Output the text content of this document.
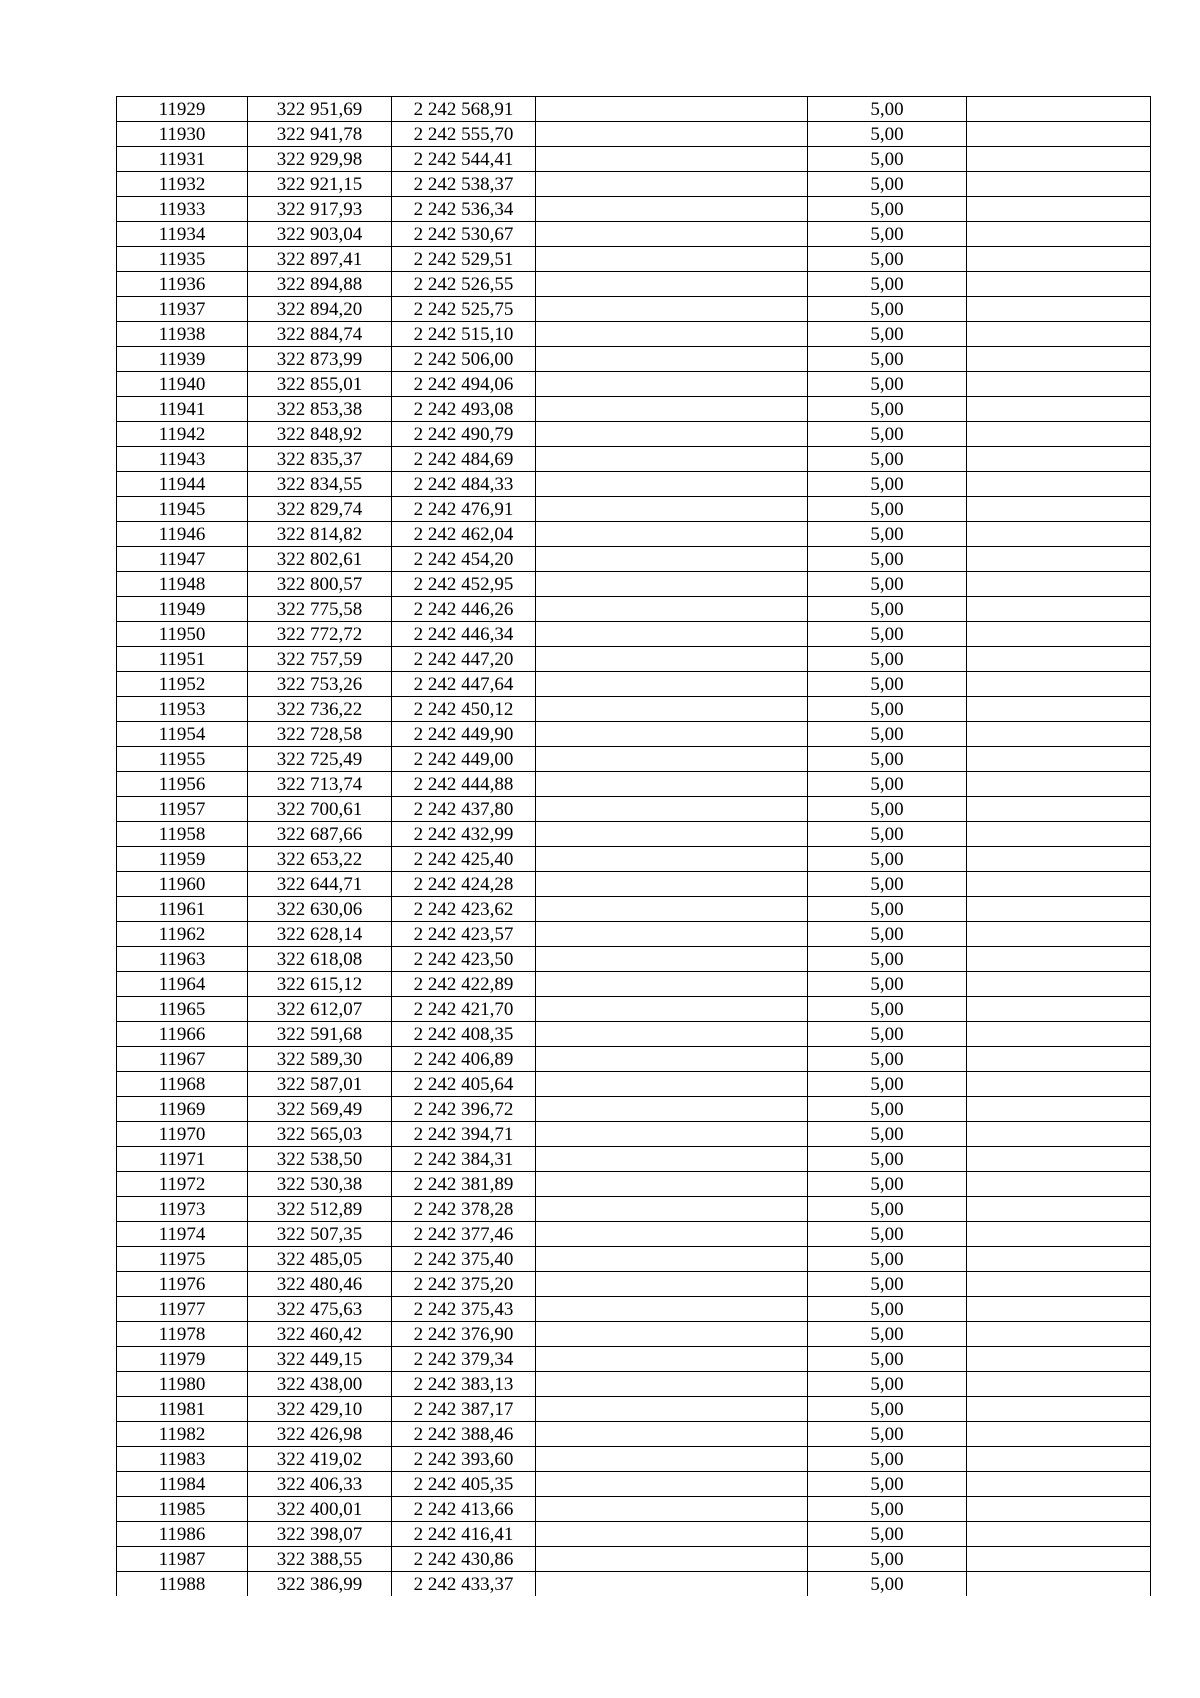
11929	322 951,69	2 242 568,91		5,00	
11930	322 941,78	2 242 555,70		5,00	
11931	322 929,98	2 242 544,41		5,00	
11932	322 921,15	2 242 538,37		5,00	
11933	322 917,93	2 242 536,34		5,00	
11934	322 903,04	2 242 530,67		5,00	
11935	322 897,41	2 242 529,51		5,00	
11936	322 894,88	2 242 526,55		5,00	
11937	322 894,20	2 242 525,75		5,00	
11938	322 884,74	2 242 515,10		5,00	
11939	322 873,99	2 242 506,00		5,00	
11940	322 855,01	2 242 494,06		5,00	
11941	322 853,38	2 242 493,08		5,00	
11942	322 848,92	2 242 490,79		5,00	
11943	322 835,37	2 242 484,69		5,00	
11944	322 834,55	2 242 484,33		5,00	
11945	322 829,74	2 242 476,91		5,00	
11946	322 814,82	2 242 462,04		5,00	
11947	322 802,61	2 242 454,20		5,00	
11948	322 800,57	2 242 452,95		5,00	
11949	322 775,58	2 242 446,26		5,00	
11950	322 772,72	2 242 446,34		5,00	
11951	322 757,59	2 242 447,20		5,00	
11952	322 753,26	2 242 447,64		5,00	
11953	322 736,22	2 242 450,12		5,00	
11954	322 728,58	2 242 449,90		5,00	
11955	322 725,49	2 242 449,00		5,00	
11956	322 713,74	2 242 444,88		5,00	
11957	322 700,61	2 242 437,80		5,00	
11958	322 687,66	2 242 432,99		5,00	
11959	322 653,22	2 242 425,40		5,00	
11960	322 644,71	2 242 424,28		5,00	
11961	322 630,06	2 242 423,62		5,00	
11962	322 628,14	2 242 423,57		5,00	
11963	322 618,08	2 242 423,50		5,00	
11964	322 615,12	2 242 422,89		5,00	
11965	322 612,07	2 242 421,70		5,00	
11966	322 591,68	2 242 408,35		5,00	
11967	322 589,30	2 242 406,89		5,00	
11968	322 587,01	2 242 405,64		5,00	
11969	322 569,49	2 242 396,72		5,00	
11970	322 565,03	2 242 394,71		5,00	
11971	322 538,50	2 242 384,31		5,00	
11972	322 530,38	2 242 381,89		5,00	
11973	322 512,89	2 242 378,28		5,00	
11974	322 507,35	2 242 377,46		5,00	
11975	322 485,05	2 242 375,40		5,00	
11976	322 480,46	2 242 375,20		5,00	
11977	322 475,63	2 242 375,43		5,00	
11978	322 460,42	2 242 376,90		5,00	
11979	322 449,15	2 242 379,34		5,00	
11980	322 438,00	2 242 383,13		5,00	
11981	322 429,10	2 242 387,17		5,00	
11982	322 426,98	2 242 388,46		5,00	
11983	322 419,02	2 242 393,60		5,00	
11984	322 406,33	2 242 405,35		5,00	
11985	322 400,01	2 242 413,66		5,00	
11986	322 398,07	2 242 416,41		5,00	
11987	322 388,55	2 242 430,86		5,00	
11988	322 386,99	2 242 433,37		5,00	
